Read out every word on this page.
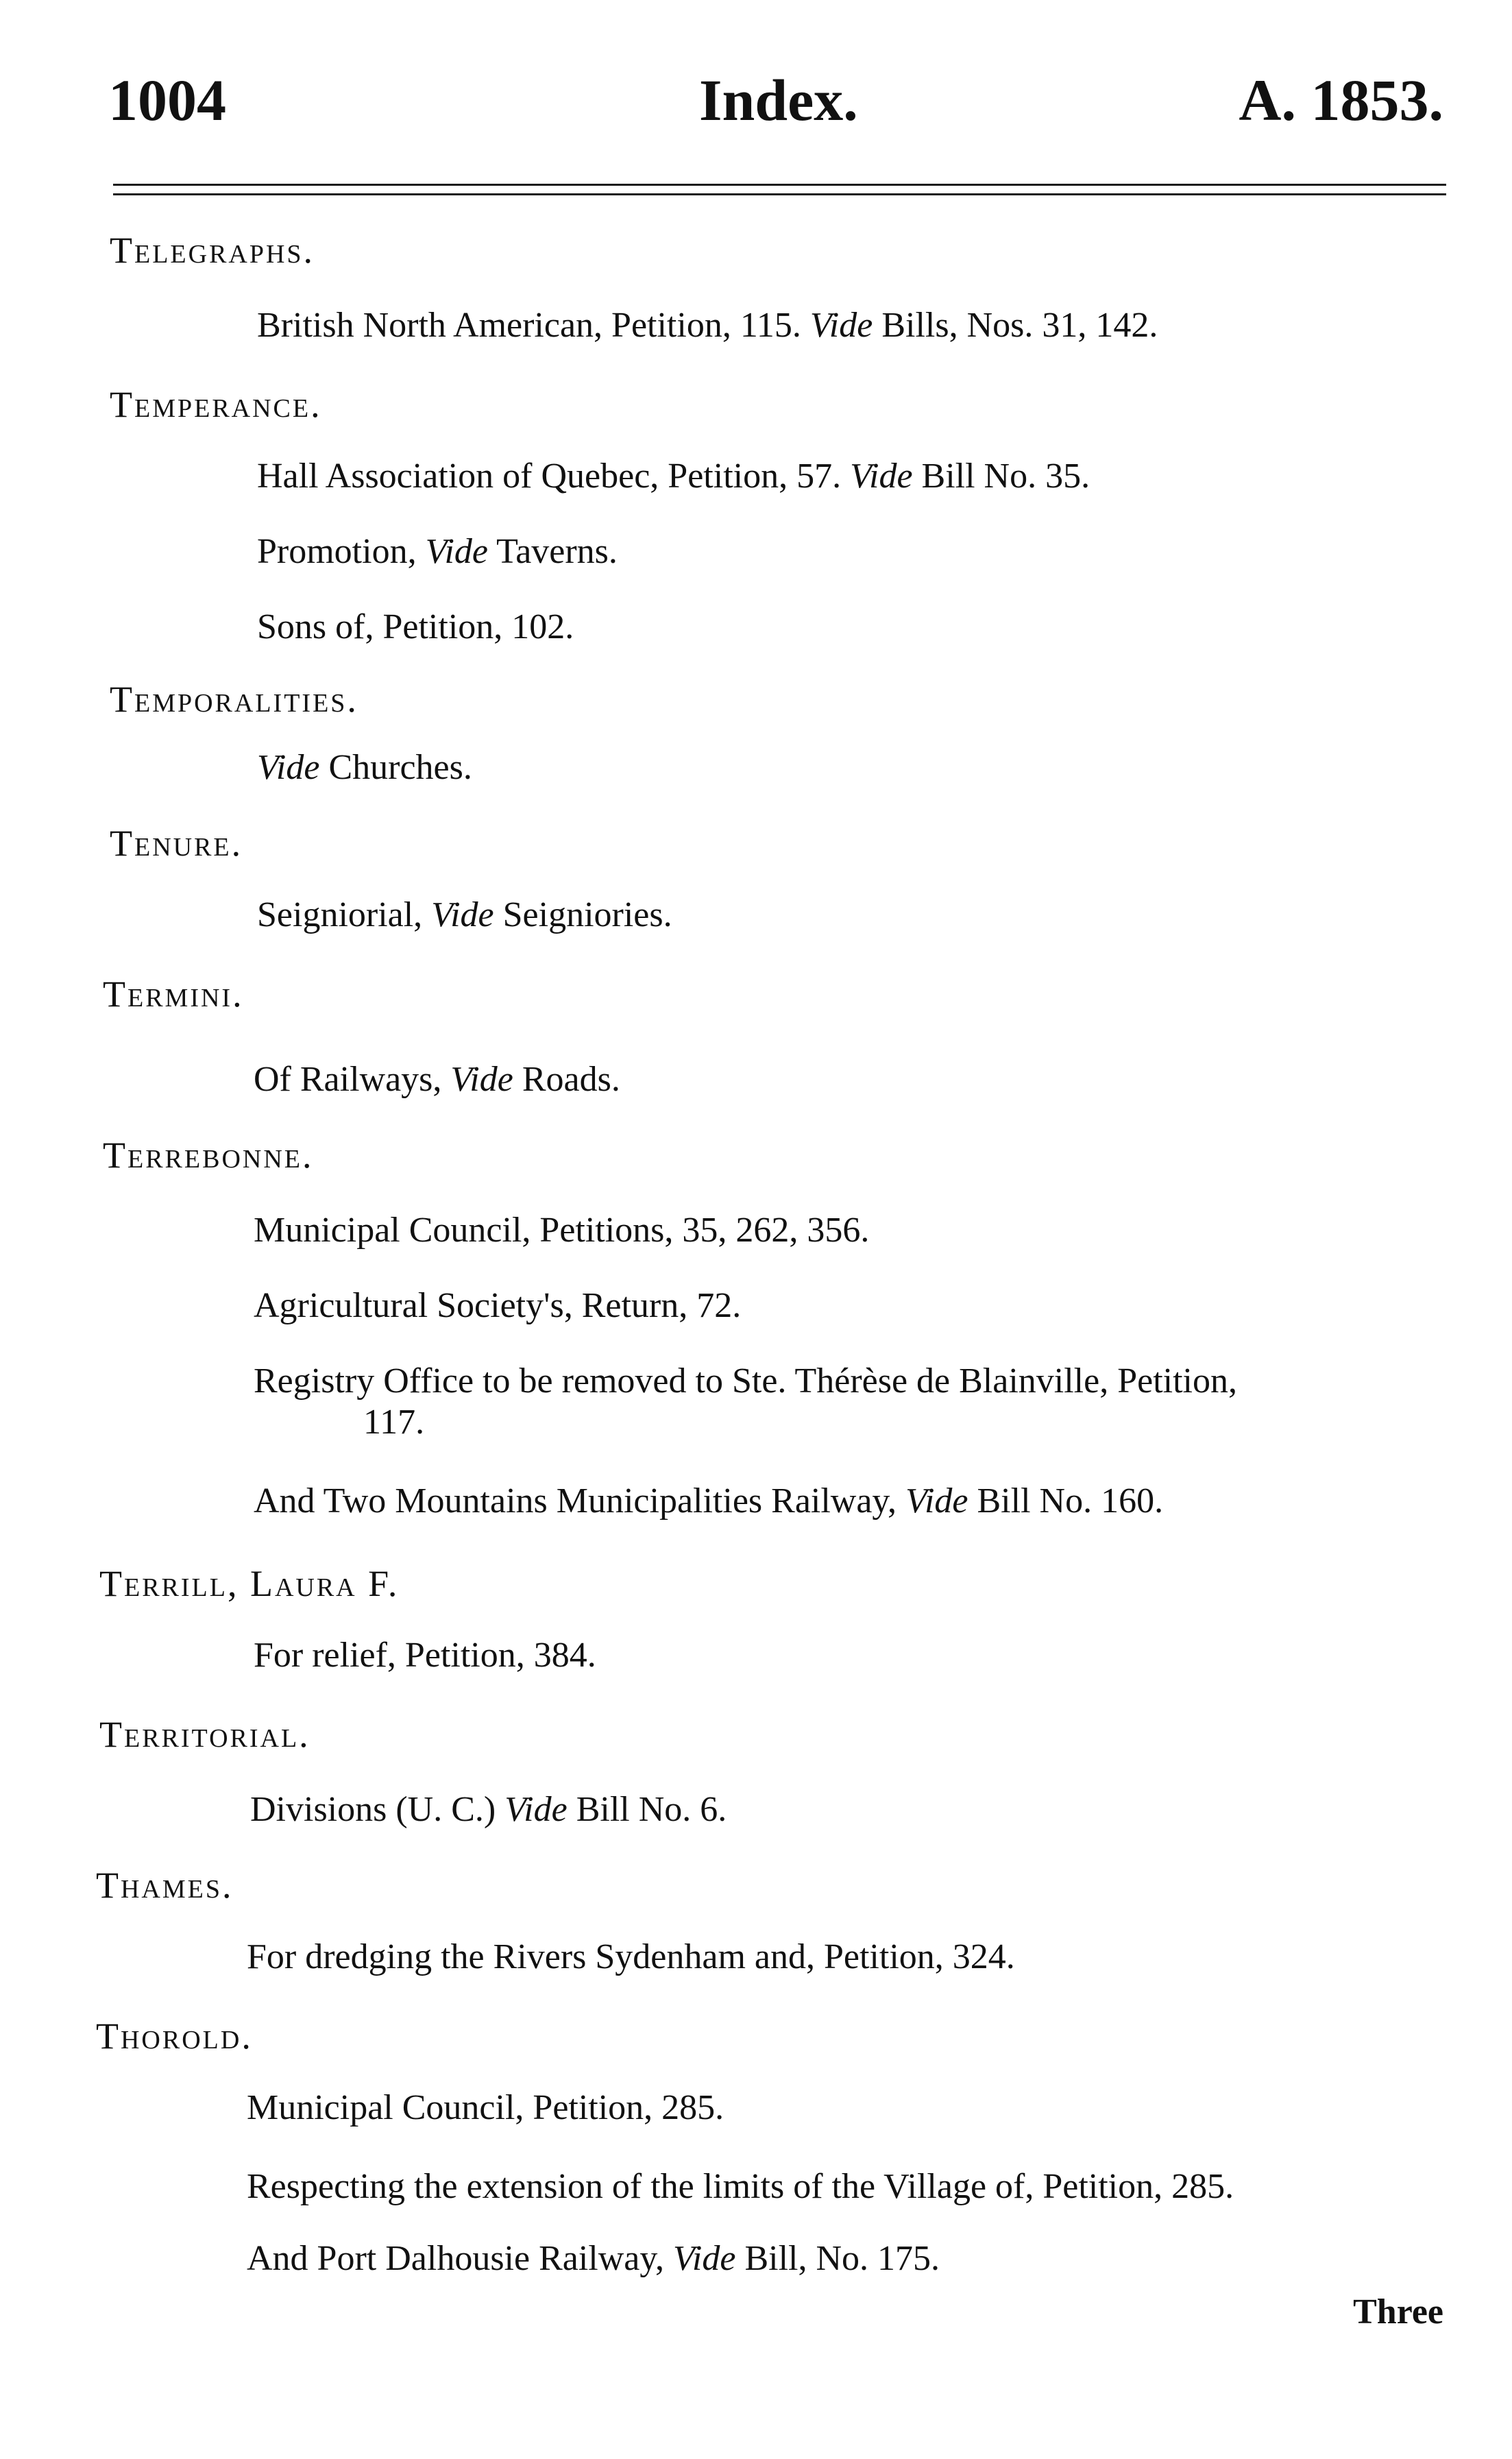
1004	Index.	A. 1853.
Telegraphs.
British North American, Petition, 115. Vide Bills, Nos. 31, 142.
Temperance.
Hall Association of Quebec, Petition, 57. Vide Bill No. 35.
Promotion, Vide Taverns.
Sons of, Petition, 102.
Temporalities.
Vide Churches.
Tenure.
Seigniorial, Vide Seigniories.
Termini.
Of Railways, Vide Roads.
Terrebonne.
Municipal Council, Petitions, 35, 262, 356.
Agricultural Society's, Return, 72.
Registry Office to be removed to Ste. Thérèse de Blainville, Petition,
117.
And Two Mountains Municipalities Railway, Vide Bill No. 160.
Terrill, Laura F.
For relief, Petition, 384.
Territorial.
Divisions (U. C.) Vide Bill No. 6.
Thames.
For dredging the Rivers Sydenham and, Petition, 324.
Thorold.
Municipal Council, Petition, 285.
Respecting the extension of the limits of the Village of, Petition, 285.
And Port Dalhousie Railway, Vide Bill, No. 175.
Three
